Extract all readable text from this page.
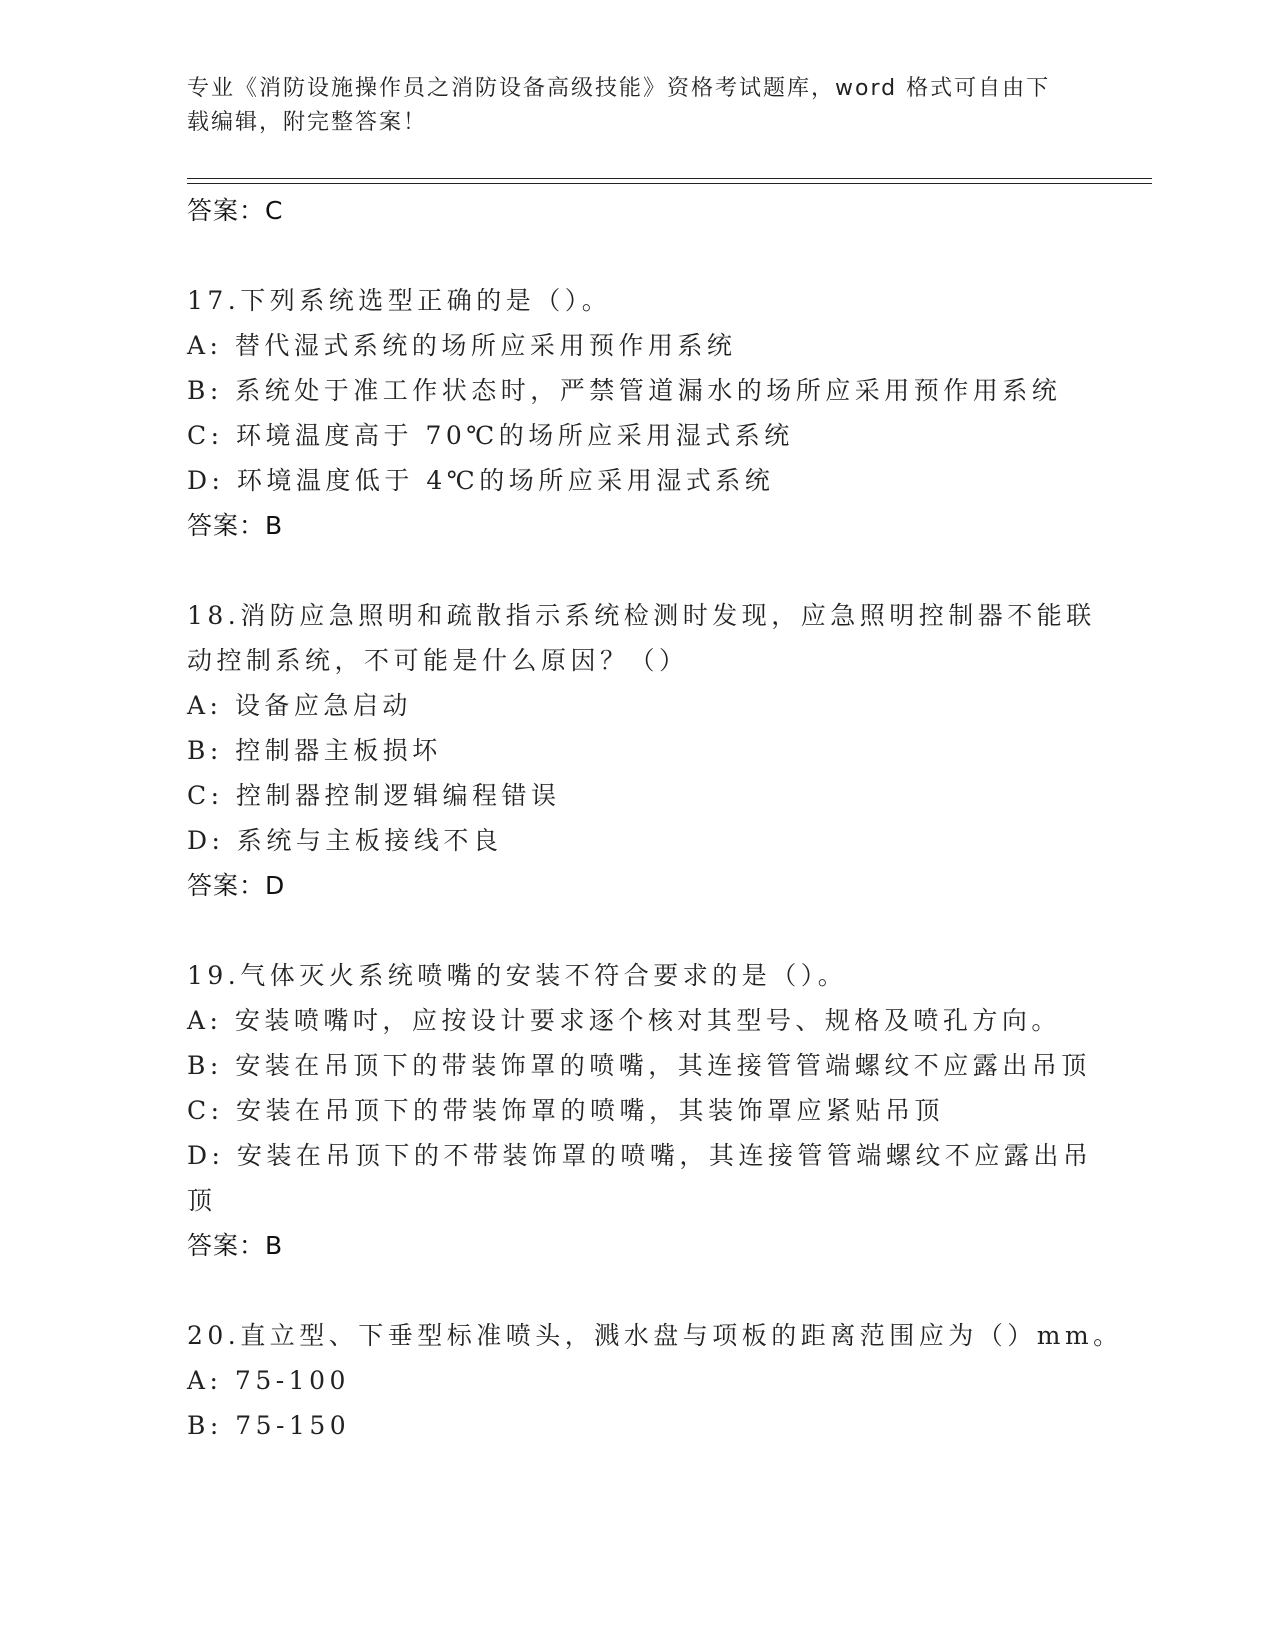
专业《消防设施操作员之消防设备高级技能》资格考试题库，word 格式可自由下
载编辑，附完整答案！
答案：C
17.下列系统选型正确的是（）。
A: 替代湿式系统的场所应采用预作用系统
B: 系统处于准工作状态时，严禁管道漏水的场所应采用预作用系统
C: 环境温度高于 70℃的场所应采用湿式系统
D: 环境温度低于 4℃的场所应采用湿式系统
答案：B
18.消防应急照明和疏散指示系统检测时发现，应急照明控制器不能联
动控制系统，不可能是什么原因？（）
A: 设备应急启动
B: 控制器主板损坏
C: 控制器控制逻辑编程错误
D: 系统与主板接线不良
答案：D
19.气体灭火系统喷嘴的安装不符合要求的是（）。
A: 安装喷嘴吋，应按设计要求逐个核对其型号、规格及喷孔方向。
B: 安装在吊顶下的带装饰罩的喷嘴，其连接管管端螺纹不应露出吊顶
C: 安装在吊顶下的带装饰罩的喷嘴，其装饰罩应紧贴吊顶
D: 安装在吊顶下的不带装饰罩的喷嘴，其连接管管端螺纹不应露出吊
顶
答案：B
20.直立型、下垂型标准喷头，溅水盘与项板的距离范围应为（）mm。
A: 75-100
B: 75-150
